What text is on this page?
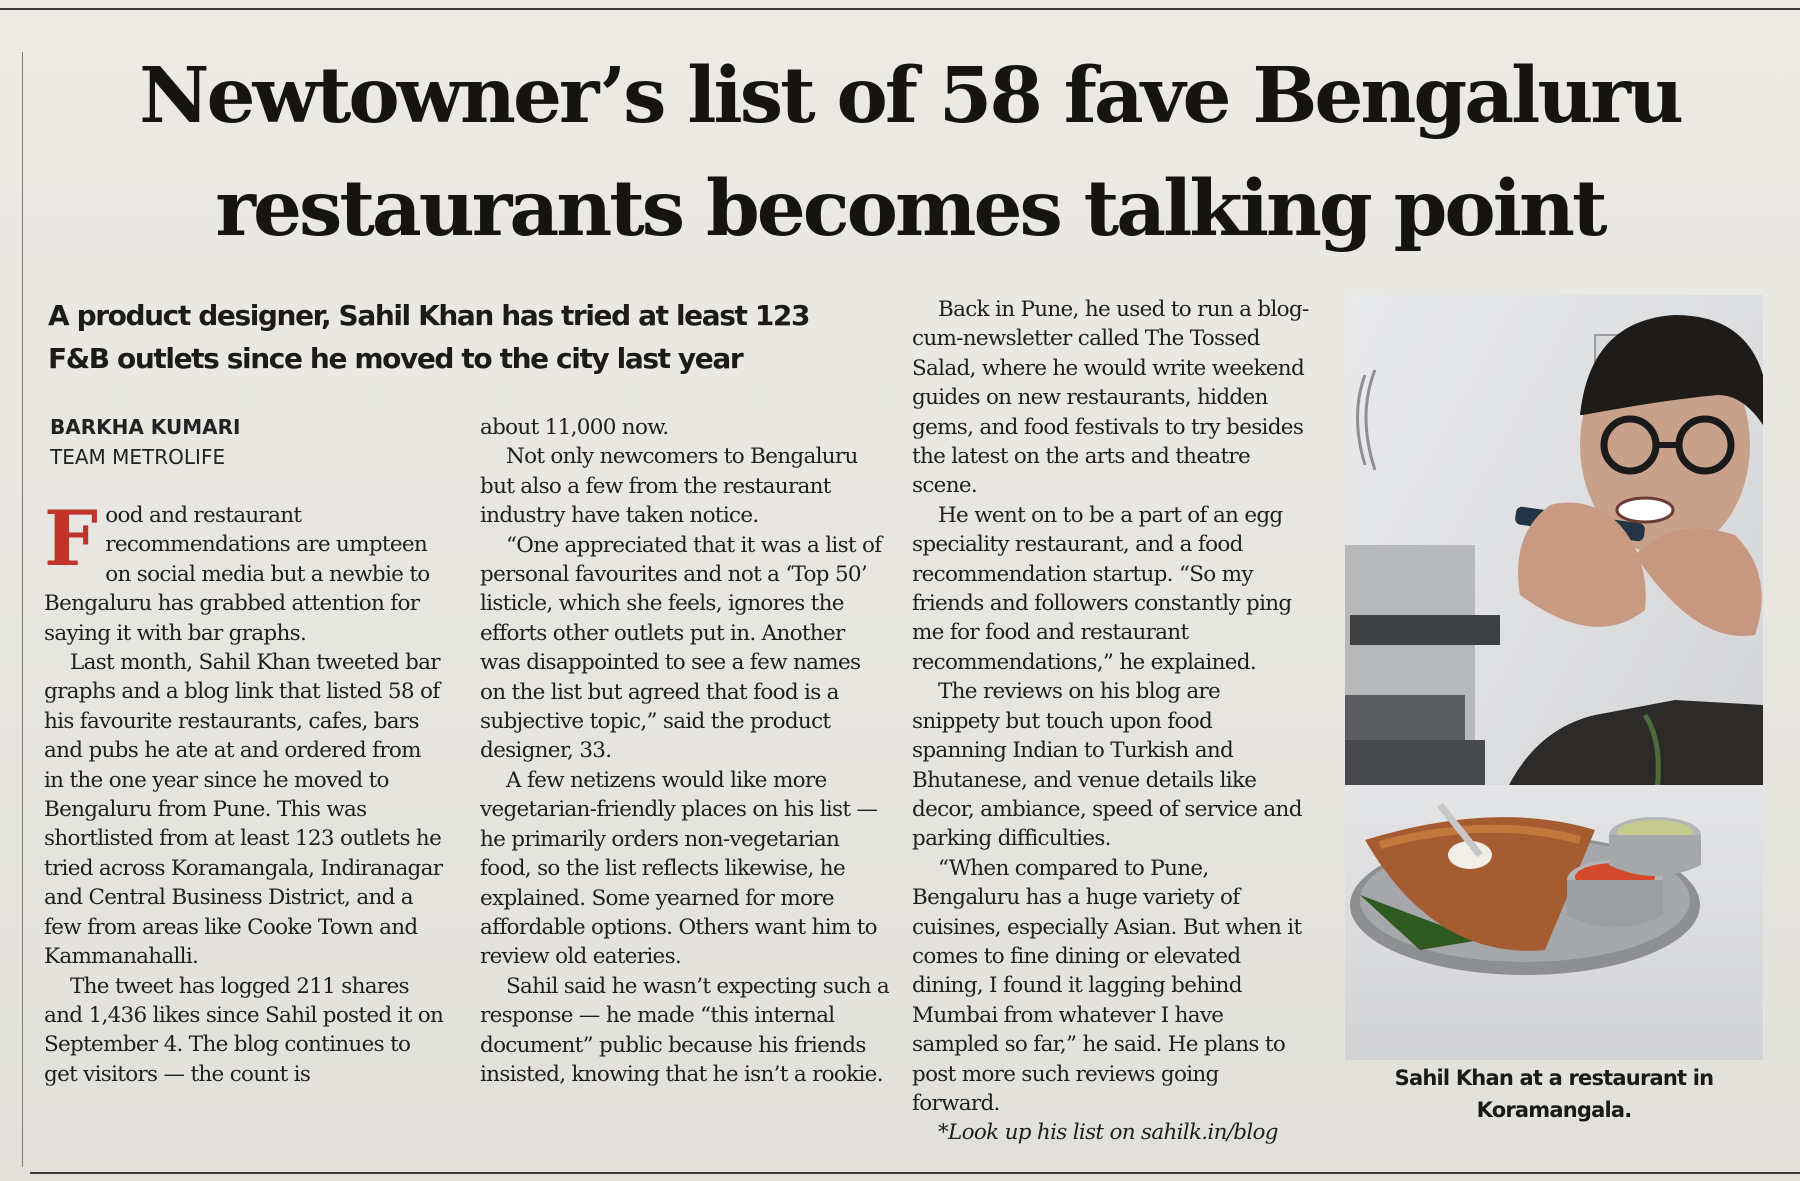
Newtowner’s list of 58 fave Bengaluru
restaurants becomes talking point

A product designer, Sahil Khan has tried at least 123 F&B outlets since he moved to the city last year

BARKHA KUMARI
TEAM METROLIFE

Food and restaurant recommendations are umpteen on social media but a newbie to Bengaluru has grabbed attention for saying it with bar graphs.

Last month, Sahil Khan tweeted bar graphs and a blog link that listed 58 of his favourite restaurants, cafes, bars and pubs he ate at and ordered from in the one year since he moved to Bengaluru from Pune. This was shortlisted from at least 123 outlets he tried across Koramangala, Indiranagar and Central Business District, and a few from areas like Cooke Town and Kammanahalli.

The tweet has logged 211 shares and 1,436 likes since Sahil posted it on September 4. The blog continues to get visitors — the count is

about 11,000 now.

Not only newcomers to Bengaluru but also a few from the restaurant industry have taken notice.

“One appreciated that it was a list of personal favourites and not a ‘Top 50’ listicle, which she feels, ignores the efforts other outlets put in. Another was disappointed to see a few names on the list but agreed that food is a subjective topic,” said the product designer, 33.

A few netizens would like more vegetarian-friendly places on his list — he primarily orders non-vegetarian food, so the list reflects likewise, he explained. Some yearned for more affordable options. Others want him to review old eateries.

Sahil said he wasn’t expecting such a response — he made “this internal document” public because his friends insisted, knowing that he isn’t a rookie.

Back in Pune, he used to run a blog-cum-newsletter called The Tossed Salad, where he would write weekend guides on new restaurants, hidden gems, and food festivals to try besides the latest on the arts and theatre scene.

He went on to be a part of an egg speciality restaurant, and a food recommendation startup. “So my friends and followers constantly ping me for food and restaurant recommendations,” he explained.

The reviews on his blog are snippety but touch upon food spanning Indian to Turkish and Bhutanese, and venue details like decor, ambiance, speed of service and parking difficulties.

“When compared to Pune, Bengaluru has a huge variety of cuisines, especially Asian. But when it comes to fine dining or elevated dining, I found it lagging behind Mumbai from whatever I have sampled so far,” he said. He plans to post more such reviews going forward.

*Look up his list on sahilk.in/blog

Sahil Khan at a restaurant in Koramangala.
